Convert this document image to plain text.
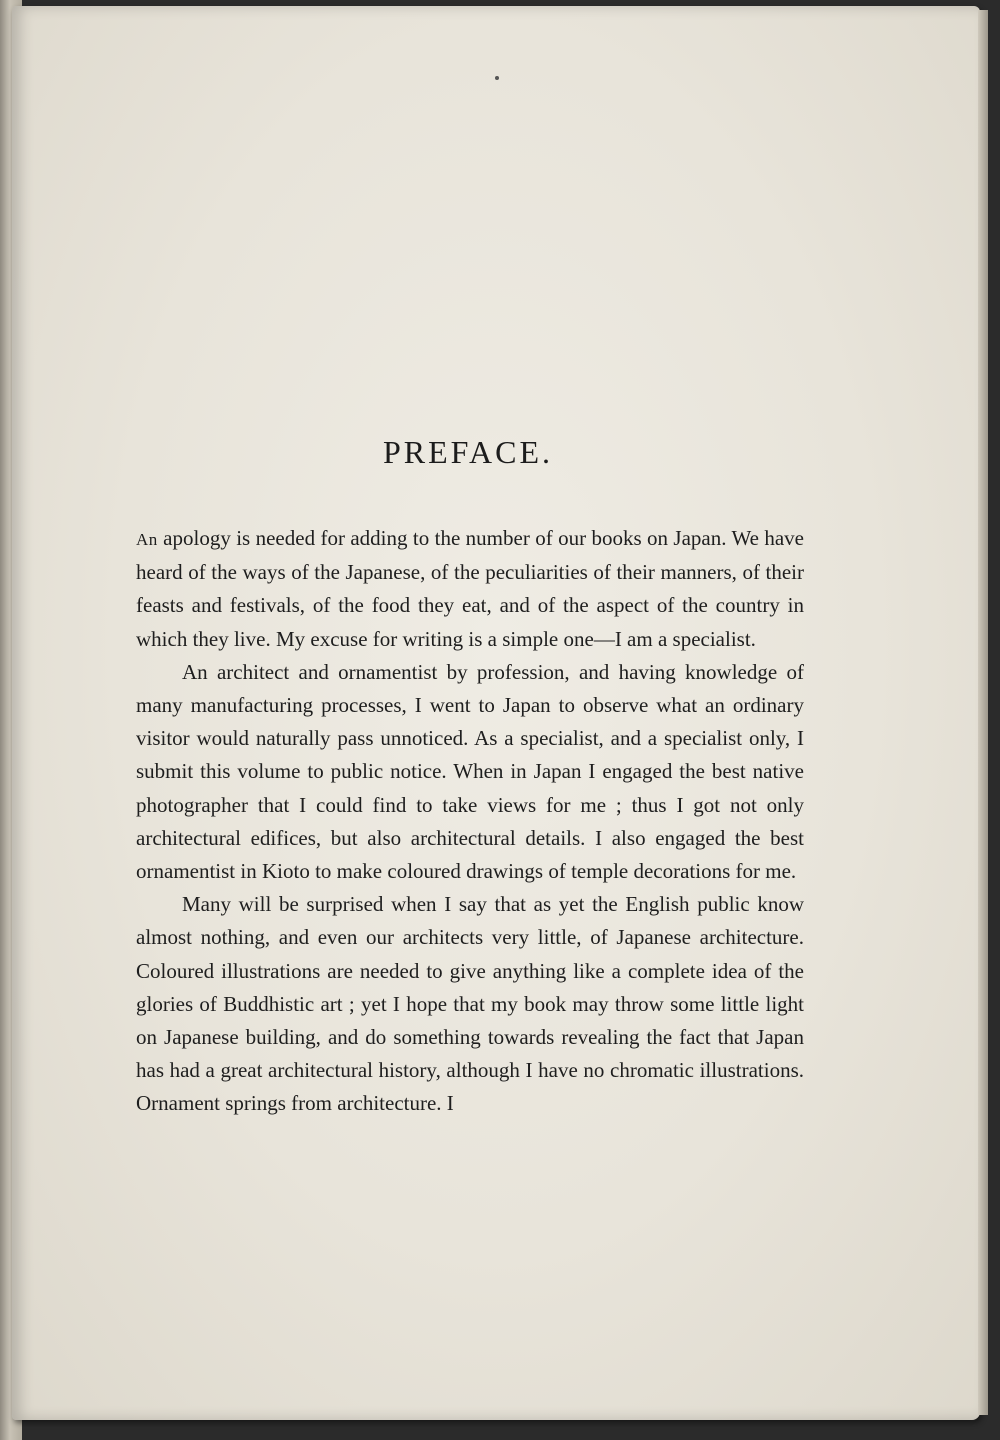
PREFACE.

An apology is needed for adding to the number of our books on Japan. We have heard of the ways of the Japanese, of the peculiarities of their manners, of their feasts and festivals, of the food they eat, and of the aspect of the country in which they live. My excuse for writing is a simple one—I am a specialist.

An architect and ornamentist by profession, and having knowledge of many manufacturing processes, I went to Japan to observe what an ordinary visitor would naturally pass unnoticed. As a specialist, and a specialist only, I submit this volume to public notice. When in Japan I engaged the best native photographer that I could find to take views for me ; thus I got not only architectural edifices, but also architectural details. I also engaged the best ornamentist in Kioto to make coloured drawings of temple decorations for me.

Many will be surprised when I say that as yet the English public know almost nothing, and even our architects very little, of Japanese architecture. Coloured illustrations are needed to give anything like a complete idea of the glories of Buddhistic art ; yet I hope that my book may throw some little light on Japanese building, and do something towards revealing the fact that Japan has had a great architectural history, although I have no chromatic illustrations. Ornament springs from architecture. I
